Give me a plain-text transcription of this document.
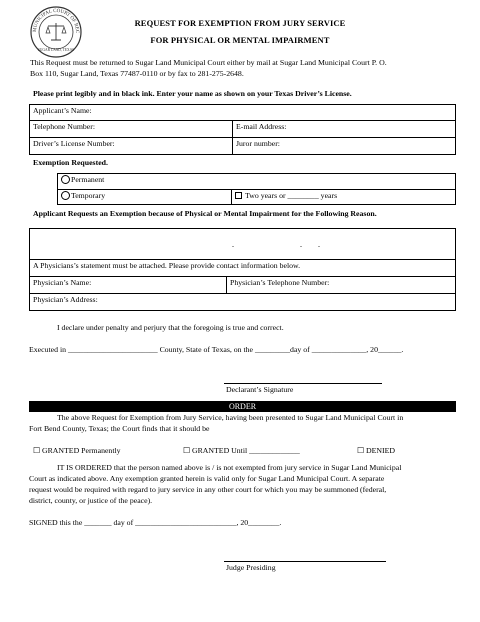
MUNICIPAL COURT OF REC
SUGAR LAND, TEXAS
REQUEST FOR EXEMPTION FROM JURY SERVICE
FOR PHYSICAL OR MENTAL IMPAIRMENT
This Request must be returned to Sugar Land Municipal Court either by mail at Sugar Land Municipal Court P. O.
Box 110, Sugar Land, Texas 77487-0110 or by fax to 281-275-2648.
Please print legibly and in black ink. Enter your name as shown on your Texas Driver’s License.
Applicant’s Name:
Telephone Number:	E-mail Address:
Driver’s License Number:	Juror number:
Exemption Requested.
Permanent
Temporary	Two years or ________ years
Applicant Requests an Exemption because of Physical or Mental Impairment for the Following Reason.
.	. .
A Physicians’s statement must be attached. Please provide contact information below.
Physician’s Name:	Physician’s Telephone Number:
Physician’s Address:
I declare under penalty and perjury that the foregoing is true and correct.
Executed in _______________________ County, State of Texas, on the _________day of ______________, 20______.
Declarant’s Signature
ORDER
The above Request for Exemption from Jury Service, having been presented to Sugar Land Municipal Court in
Fort Bend County, Texas; the Court finds that it should be
☐ GRANTED Permanently	☐ GRANTED Until _____________	☐ DENIED
IT IS ORDERED that the person named above is / is not exempted from jury service in Sugar Land Municipal
Court as indicated above. Any exemption granted herein is valid only for Sugar Land Municipal Court. A separate
request would be required with regard to jury service in any other court for which you may be summoned (federal,
district, county, or justice of the peace).
SIGNED this the _______ day of __________________________, 20________.
Judge Presiding
